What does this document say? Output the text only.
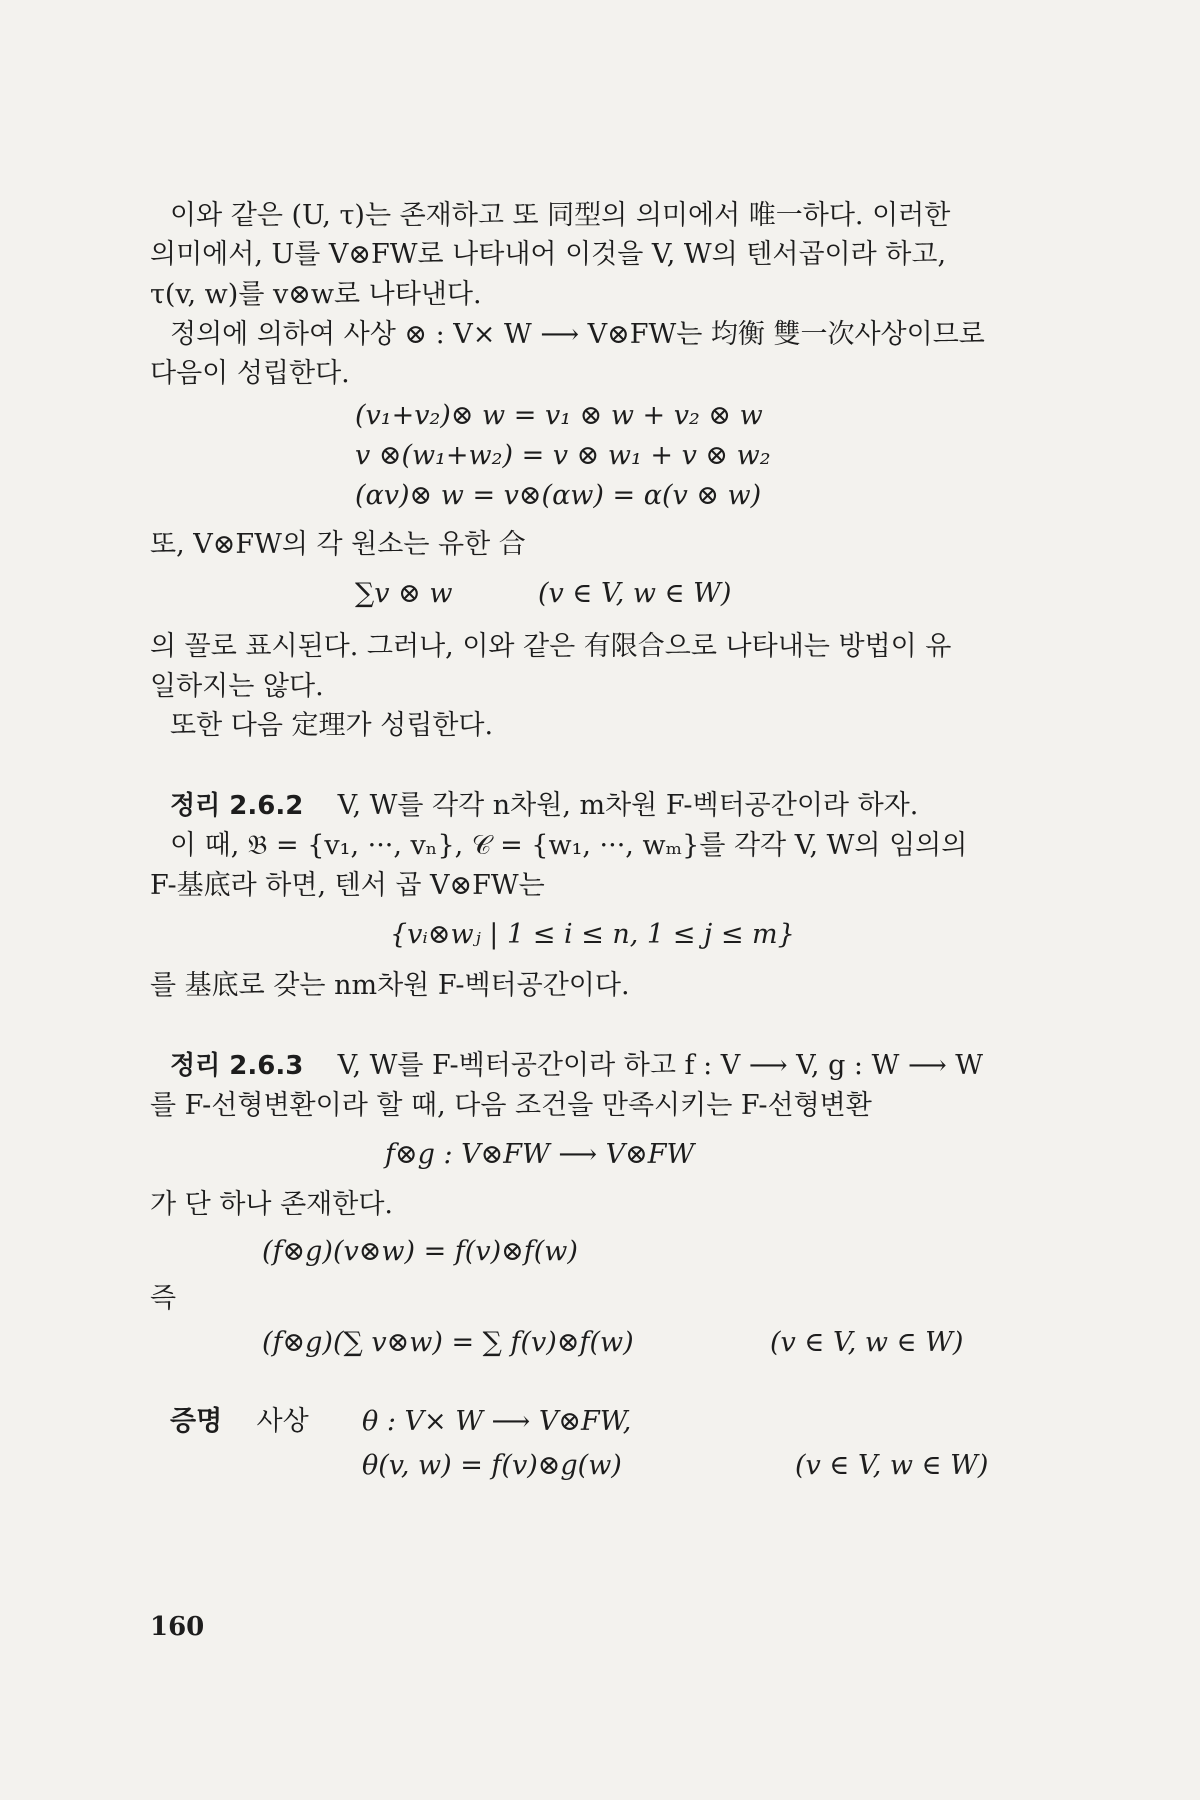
이와 같은 (U, τ)는 존재하고 또 同型의 의미에서 唯一하다. 이러한
의미에서, U를 V⊗FW로 나타내어 이것을 V, W의 텐서곱이라 하고,
τ(v, w)를 v⊗w로 나타낸다.
정의에 의하여 사상 ⊗ : V× W ⟶ V⊗FW는 均衡 雙一次사상이므로
다음이 성립한다.
(v₁+v₂)⊗ w = v₁ ⊗ w + v₂ ⊗ w
v ⊗(w₁+w₂) = v ⊗ w₁ + v ⊗ w₂
(αv)⊗ w = v⊗(αw) = α(v ⊗ w)
또, V⊗FW의 각 원소는 유한 合
∑v ⊗ w	(v ∈ V, w ∈ W)
의 꼴로 표시된다. 그러나, 이와 같은 有限合으로 나타내는 방법이 유
일하지는 않다.
또한 다음 定理가 성립한다.
정리 2.6.2 V, W를 각각 n차원, m차원 F-벡터공간이라 하자.
이 때, 𝔅 = {v₁, ···, vₙ}, 𝒞 = {w₁, ···, wₘ}를 각각 V, W의 임의의
F-基底라 하면, 텐서 곱 V⊗FW는
{vᵢ⊗wⱼ | 1 ≤ i ≤ n, 1 ≤ j ≤ m}
를 基底로 갖는 nm차원 F-벡터공간이다.
정리 2.6.3 V, W를 F-벡터공간이라 하고 f : V ⟶ V, g : W ⟶ W
를 F-선형변환이라 할 때, 다음 조건을 만족시키는 F-선형변환
f⊗g : V⊗FW ⟶ V⊗FW
가 단 하나 존재한다.
(f⊗g)(v⊗w) = f(v)⊗f(w)
즉
(f⊗g)(∑ v⊗w) = ∑ f(v)⊗f(w)	(v ∈ V, w ∈ W)
증명 사상	θ : V× W ⟶ V⊗FW,
θ(v, w) = f(v)⊗g(w)	(v ∈ V, w ∈ W)
160
